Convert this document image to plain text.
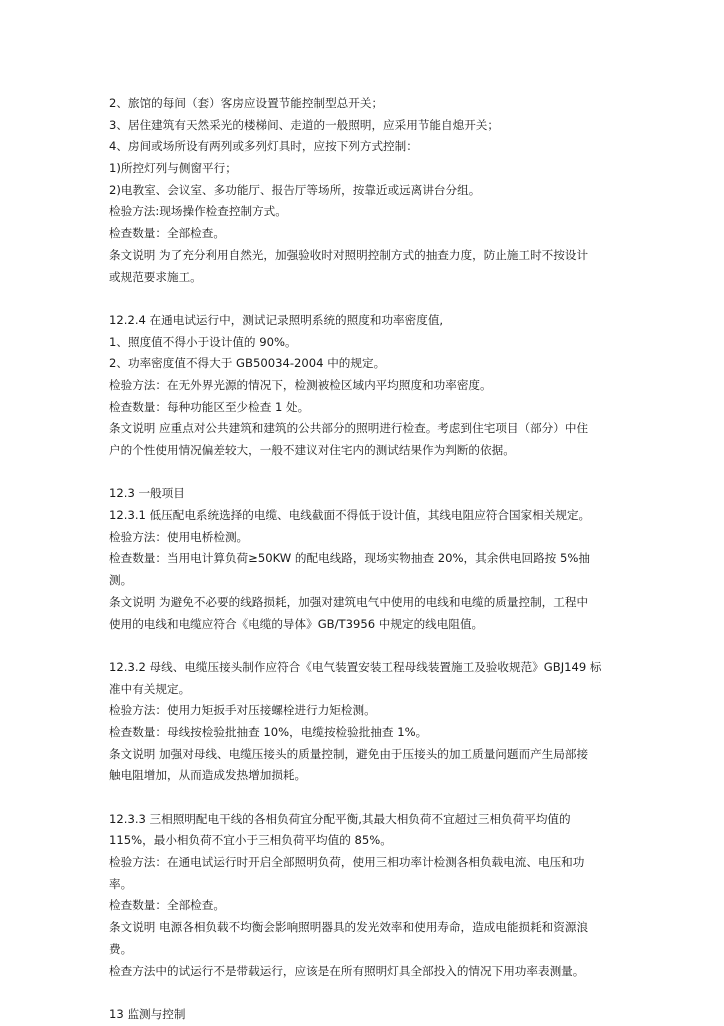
2、旅馆的每间（套）客房应设置节能控制型总开关；
3、居住建筑有天然采光的楼梯间、走道的一般照明，应采用节能自熄开关；
4、房间或场所设有两列或多列灯具时，应按下列方式控制：
1)所控灯列与侧窗平行；
2)电教室、会议室、多功能厅、报告厅等场所，按靠近或远离讲台分组。
检验方法:现场操作检查控制方式。
检查数量：全部检查。
条文说明 为了充分利用自然光，加强验收时对照明控制方式的抽查力度，防止施工时不按设计
或规范要求施工。
12.2.4 在通电试运行中，测试记录照明系统的照度和功率密度值,
1、照度值不得小于设计值的 90%。
2、功率密度值不得大于 GB50034-2004 中的规定。
检验方法：在无外界光源的情况下，检测被检区域内平均照度和功率密度。
检查数量：每种功能区至少检查 1 处。
条文说明 应重点对公共建筑和建筑的公共部分的照明进行检查。考虑到住宅项目（部分）中住
户的个性使用情况偏差较大，一般不建议对住宅内的测试结果作为判断的依据。
12.3 一般项目
12.3.1 低压配电系统选择的电缆、电线截面不得低于设计值，其线电阻应符合国家相关规定。
检验方法：使用电桥检测。
检查数量：当用电计算负荷≥50KW 的配电线路，现场实物抽查 20%，其余供电回路按 5%抽
测。
条文说明 为避免不必要的线路损耗，加强对建筑电气中使用的电线和电缆的质量控制，工程中
使用的电线和电缆应符合《电缆的导体》GB/T3956 中规定的线电阻值。
12.3.2 母线、电缆压接头制作应符合《电气装置安装工程母线装置施工及验收规范》GBJ149 标
准中有关规定。
检验方法：使用力矩扳手对压接螺栓进行力矩检测。
检查数量：母线按检验批抽查 10%，电缆按检验批抽查 1%。
条文说明 加强对母线、电缆压接头的质量控制，避免由于压接头的加工质量问题而产生局部接
触电阻增加，从而造成发热增加损耗。
12.3.3 三相照明配电干线的各相负荷宜分配平衡,其最大相负荷不宜超过三相负荷平均值的
115%，最小相负荷不宜小于三相负荷平均值的 85%。
检验方法：在通电试运行时开启全部照明负荷，使用三相功率计检测各相负载电流、电压和功
率。
检查数量：全部检查。
条文说明 电源各相负载不均衡会影响照明器具的发光效率和使用寿命，造成电能损耗和资源浪
费。
检查方法中的试运行不是带载运行，应该是在所有照明灯具全部投入的情况下用功率表测量。
13 监测与控制
